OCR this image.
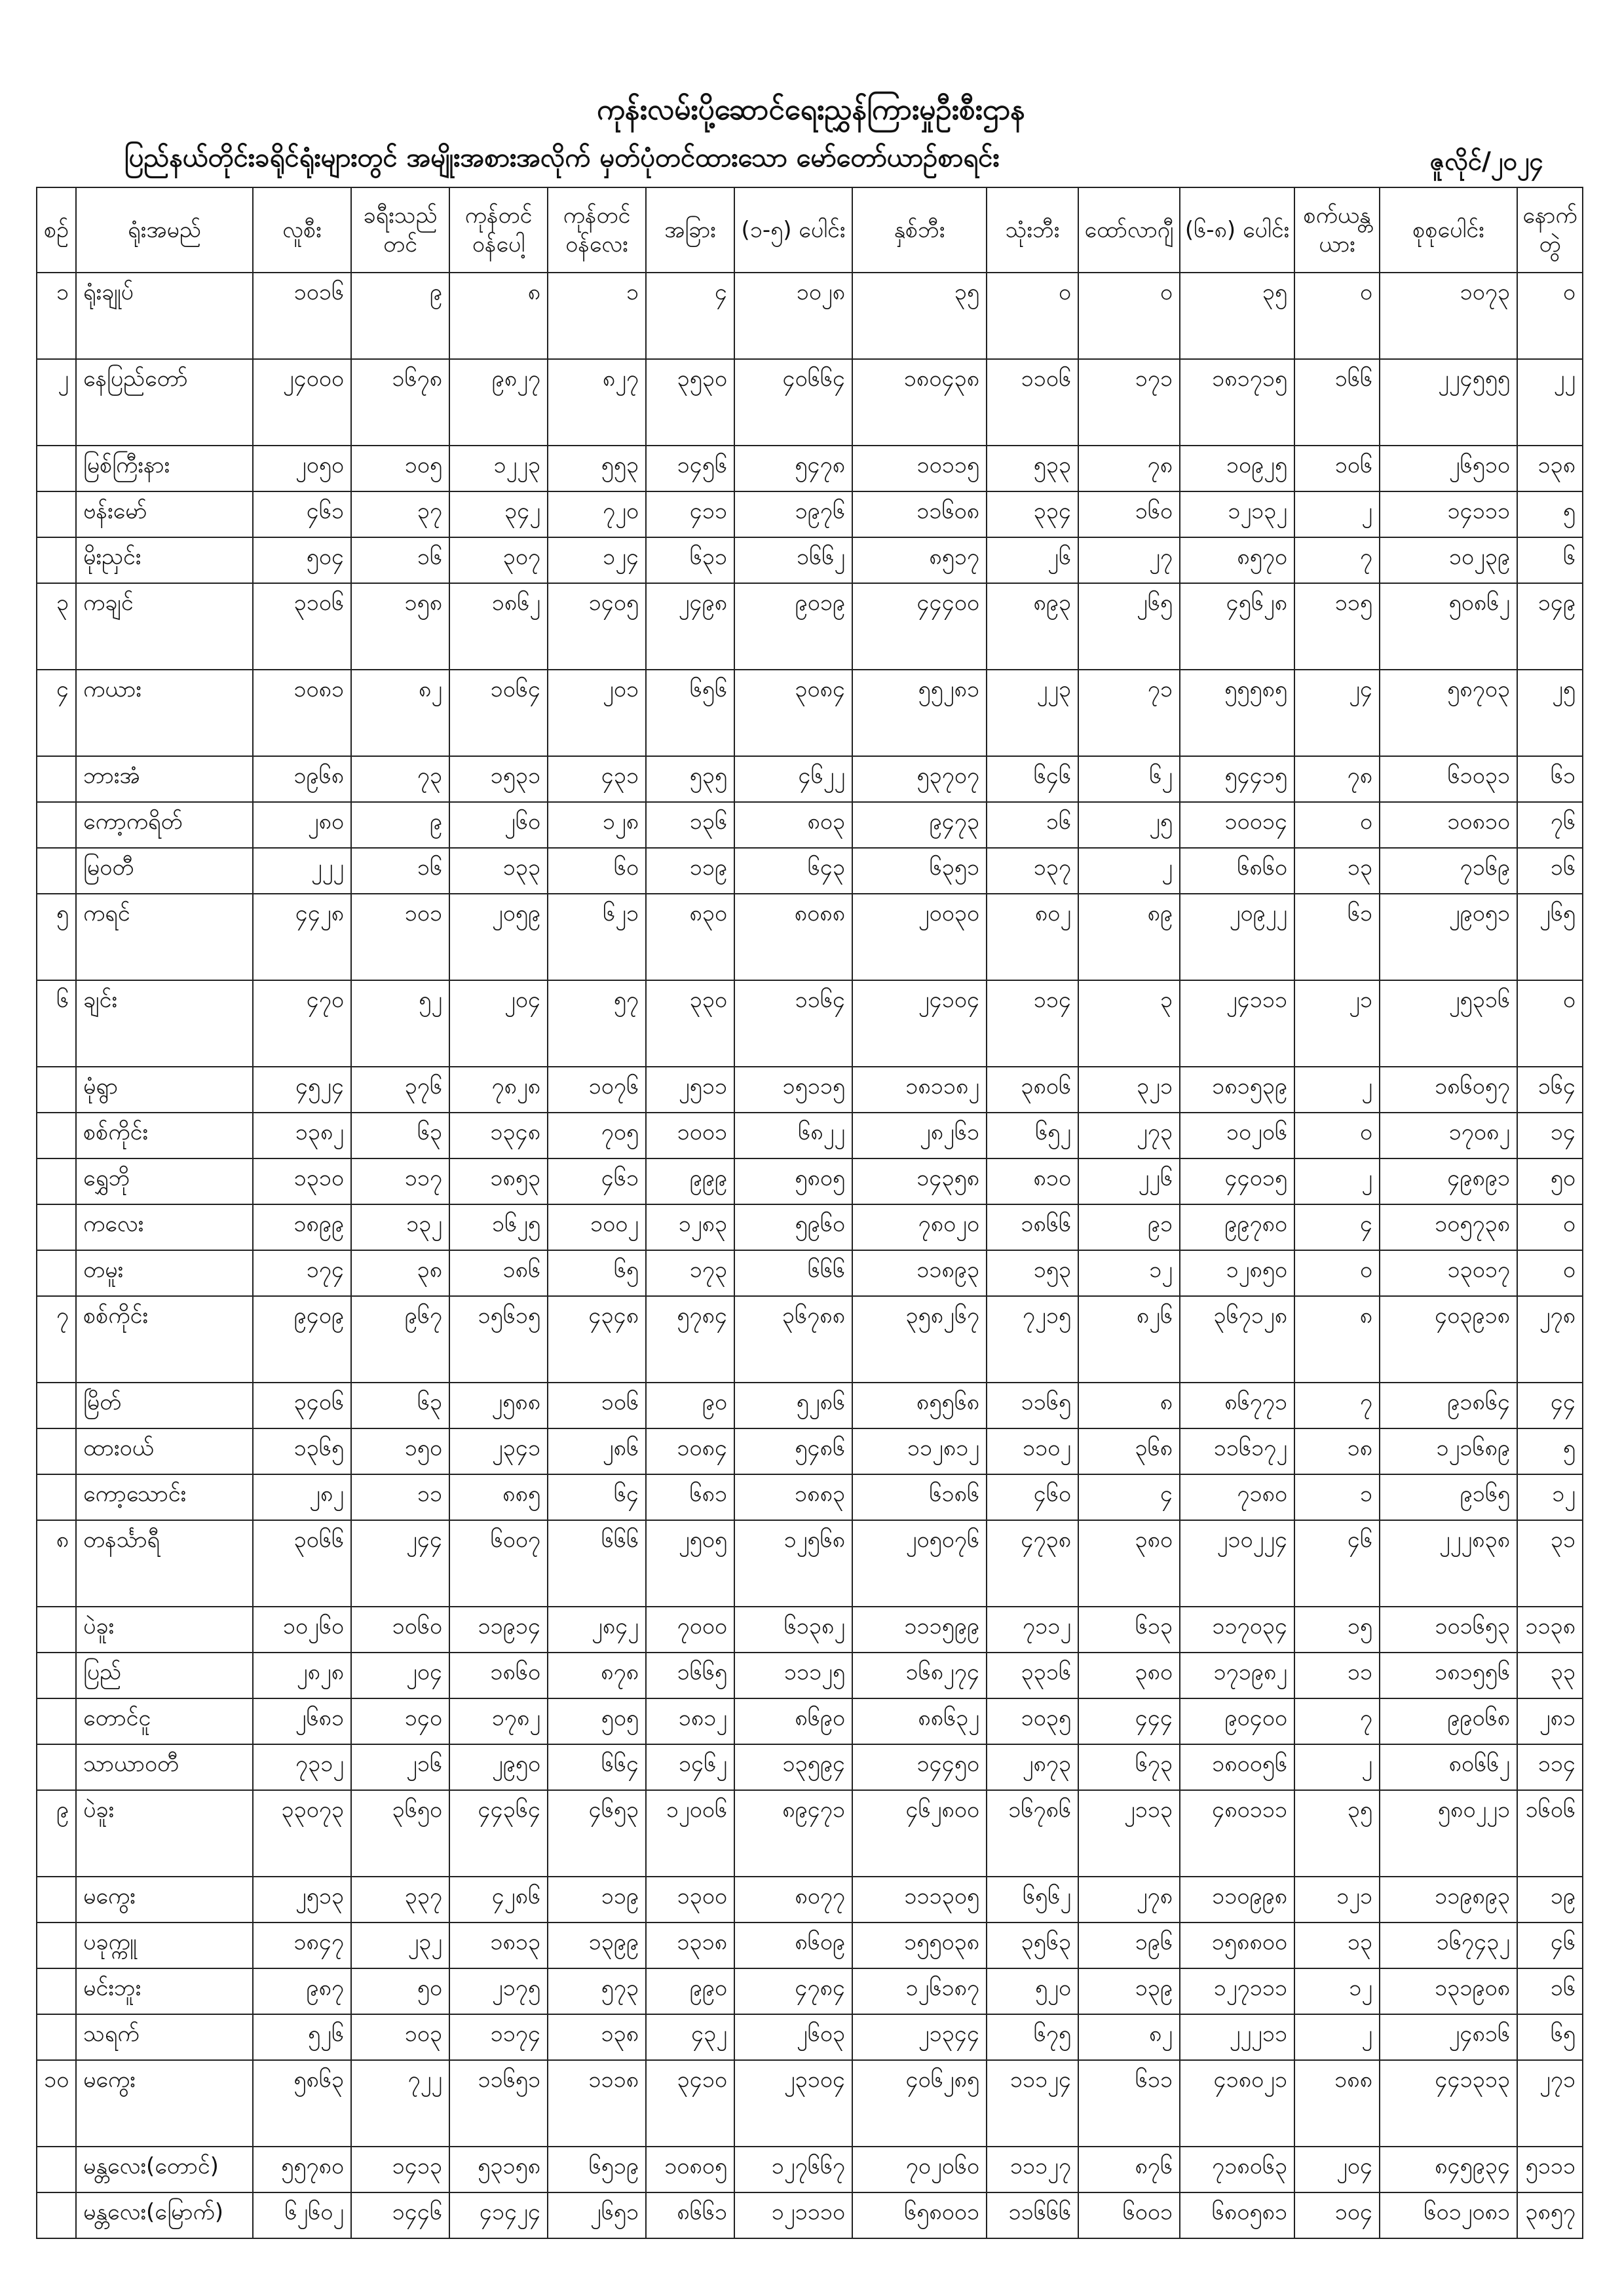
ကုန်းလမ်းပို့ဆောင်ရေးညွှန်ကြားမှုဦးစီးဌာန
ပြည်နယ်တိုင်းခရိုင်ရုံးများတွင် အမျိုးအစားအလိုက် မှတ်ပုံတင်ထားသော မော်တော်ယာဉ်စာရင်း	ဇူလိုင်/၂၀၂၄
စဉ်	ရုံးအမည်	လူစီး	ခရီးသည်တင်	ကုန်တင်ဝန်ပေါ့	ကုန်တင်ဝန်လေး	အခြား	(၁-၅) ပေါင်း	နှစ်ဘီး	သုံးဘီး	ထော်လာဂျီ	(၆-၈) ပေါင်း	စက်ယန္တယား	စုစုပေါင်း	နောက်တွဲ
၁	ရုံးချုပ်	၁၀၁၆	၉	၈	၁	၄	၁၀၂၈	၃၅	၀	၀	၃၅	၀	၁၀၇၃	၀
၂	နေပြည်တော်	၂၄၀၀၀	၁၆၇၈	၉၈၂၇	၈၂၇	၃၅၃၀	၄၀၆၆၄	၁၈၀၄၃၈	၁၁၀၆	၁၇၁	၁၈၁၇၁၅	၁၆၆	၂၂၄၅၅၅	၂၂
	မြစ်ကြီးနား	၂၀၅၀	၁၀၅	၁၂၂၃	၅၅၃	၁၄၅၆	၅၄၇၈	၁၀၁၁၅	၅၃၃	၇၈	၁၀၉၂၅	၁၀၆	၂၆၅၁၀	၁၃၈
	ဗန်းမော်	၄၆၁	၃၇	၃၄၂	၇၂၀	၄၁၁	၁၉၇၆	၁၁၆၀၈	၃၃၄	၁၆၀	၁၂၁၃၂	၂	၁၄၁၁၁	၅
	မိုးညှင်း	၅၀၄	၁၆	၃၀၇	၁၂၄	၆၃၁	၁၆၆၂	၈၅၁၇	၂၆	၂၇	၈၅၇၀	၇	၁၀၂၃၉	၆
၃	ကချင်	၃၁၀၆	၁၅၈	၁၈၆၂	၁၄၀၅	၂၄၉၈	၉၀၁၉	၄၄၄၀၀	၈၉၃	၂၆၅	၄၅၆၂၈	၁၁၅	၅၀၈၆၂	၁၄၉
၄	ကယား	၁၀၈၁	၈၂	၁၀၆၄	၂၀၁	၆၅၆	၃၀၈၄	၅၅၂၈၁	၂၂၃	၇၁	၅၅၅၈၅	၂၄	၅၈၇၀၃	၂၅
	ဘားအံ	၁၉၆၈	၇၃	၁၅၃၁	၄၃၁	၅၃၅	၄၆၂၂	၅၃၇၀၇	၆၄၆	၆၂	၅၄၄၁၅	၇၈	၆၁၀၃၁	၆၁
	ကော့ကရိတ်	၂၈၀	၉	၂၆၀	၁၂၈	၁၃၆	၈၀၃	၉၄၇၃	၁၆	၂၅	၁၀၀၁၄	၀	၁၀၈၁၀	၇၆
	မြဝတီ	၂၂၂	၁၆	၁၃၃	၆၀	၁၁၉	၆၄၃	၆၃၅၁	၁၃၇	၂	၆၈၆၀	၁၃	၇၁၆၉	၁၆
၅	ကရင်	၄၄၂၈	၁၀၁	၂၀၅၉	၆၂၁	၈၃၀	၈၀၈၈	၂၀၀၃၀	၈၀၂	၈၉	၂၀၉၂၂	၆၁	၂၉၀၅၁	၂၆၅
၆	ချင်း	၄၇၀	၅၂	၂၀၄	၅၇	၃၃၀	၁၁၆၄	၂၄၁၀၄	၁၁၄	၃	၂၄၁၁၁	၂၁	၂၅၃၁၆	၀
	မုံရွာ	၄၅၂၄	၃၇၆	၇၈၂၈	၁၀၇၆	၂၅၁၁	၁၅၁၁၅	၁၈၁၁၈၂	၃၈၀၆	၃၂၁	၁၈၁၅၃၉	၂	၁၈၆၀၅၇	၁၆၄
	စစ်ကိုင်း	၁၃၈၂	၆၃	၁၃၄၈	၇၀၅	၁၀၀၁	၆၈၂၂	၂၈၂၆၁	၆၅၂	၂၇၃	၁၀၂၀၆	၀	၁၇၀၈၂	၁၄
	ရွှေဘို	၁၃၁၀	၁၁၇	၁၈၅၃	၄၆၁	၉၉၉	၅၈၀၅	၁၄၃၅၈	၈၁၀	၂၂၆	၄၄၀၁၅	၂	၄၉၈၉၁	၅၀
	ကလေး	၁၈၉၉	၁၃၂	၁၆၂၅	၁၀၀၂	၁၂၈၃	၅၉၆၀	၇၈၀၂၀	၁၈၆၆	၉၁	၉၉၇၈၀	၄	၁၀၅၇၃၈	၀
	တမူး	၁၇၄	၃၈	၁၈၆	၆၅	၁၇၃	၆၆၆	၁၁၈၉၃	၁၅၃	၁၂	၁၂၈၅၀	၀	၁၃၀၁၇	၀
၇	စစ်ကိုင်း	၉၄၀၉	၉၆၇	၁၅၆၁၅	၄၃၄၈	၅၇၈၄	၃၆၇၈၈	၃၅၈၂၆၇	၇၂၁၅	၈၂၆	၃၆၇၁၂၈	၈	၄၀၃၉၁၈	၂၇၈
	မြိတ်	၃၄၀၆	၆၃	၂၅၈၈	၁၀၆	၉၀	၅၂၈၆	၈၅၅၆၈	၁၁၆၅	၈	၈၆၇၇၁	၇	၉၁၈၆၄	၄၄
	ထားဝယ်	၁၃၆၅	၁၅၀	၂၃၄၁	၂၈၆	၁၀၈၄	၅၄၈၆	၁၁၂၈၁၂	၁၁၀၂	၃၆၈	၁၁၆၁၇၂	၁၈	၁၂၁၆၈၉	၅
	ကော့သောင်း	၂၈၂	၁၁	၈၈၅	၆၄	၆၈၁	၁၈၈၃	၆၁၈၆	၄၆၀	၄	၇၁၈၀	၁	၉၁၆၅	၁၂
၈	တနင်္သာရီ	၃၀၆၆	၂၄၄	၆၀၀၇	၆၆၆	၂၅၀၅	၁၂၅၆၈	၂၀၅၀၇၆	၄၇၃၈	၃၈၀	၂၁၀၂၂၄	၄၆	၂၂၂၈၃၈	၃၁
	ပဲခူး	၁၀၂၆၀	၁၀၆၀	၁၁၉၁၄	၂၈၄၂	၇၀၀၀	၆၁၃၈၂	၁၁၁၅၉၉	၇၁၁၂	၆၁၃	၁၁၇၀၃၄	၁၅	၁၀၁၆၅၃	၁၁၃၈
	ပြည်	၂၈၂၈	၂၀၄	၁၈၆၀	၈၇၈	၁၆၆၅	၁၁၁၂၅	၁၆၈၂၇၄	၃၃၁၆	၃၈၀	၁၇၁၉၈၂	၁၁	၁၈၁၅၅၆	၃၃
	တောင်ငူ	၂၆၈၁	၁၄၀	၁၇၈၂	၅၀၅	၁၈၁၂	၈၆၉၀	၈၈၆၃၂	၁၀၃၅	၄၄၄	၉၀၄၀၀	၇	၉၉၀၆၈	၂၈၁
	သာယာဝတီ	၇၃၁၂	၂၁၆	၂၉၅၀	၆၆၄	၁၄၆၂	၁၃၅၉၄	၁၄၄၅၀	၂၈၇၃	၆၇၃	၁၈၀၀၅၆	၂	၈၀၆၆၂	၁၁၄
၉	ပဲခူး	၃၃၀၇၃	၃၆၅၀	၄၄၃၆၄	၄၆၅၃	၁၂၀၀၆	၈၉၄၇၁	၄၆၂၈၀၀	၁၆၇၈၆	၂၁၁၃	၄၈၀၁၁၁	၃၅	၅၈၀၂၂၁	၁၆၀၆
	မကွေး	၂၅၁၃	၃၃၇	၄၂၈၆	၁၁၉	၁၃၀၀	၈၀၇၇	၁၁၁၃၀၅	၆၅၆၂	၂၇၈	၁၁၀၉၉၈	၁၂၁	၁၁၉၈၉၃	၁၉
	ပခုက္ကူ	၁၈၄၇	၂၃၂	၁၈၁၃	၁၃၉၉	၁၃၁၈	၈၆၀၉	၁၅၅၀၃၈	၃၅၆၃	၁၉၆	၁၅၈၈၀၀	၁၃	၁၆၇၄၃၂	၄၆
	မင်းဘူး	၉၈၇	၅၀	၂၁၇၅	၅၇၃	၉၉၀	၄၇၈၄	၁၂၆၁၈၇	၅၂၀	၁၃၉	၁၂၇၁၁၁	၁၂	၁၃၁၉၀၈	၁၆
	သရက်	၅၂၆	၁၀၃	၁၁၇၄	၁၃၈	၄၃၂	၂၆၀၃	၂၁၃၄၄	၆၇၅	၈၂	၂၂၂၁၁	၂	၂၄၈၁၆	၆၅
၁၀	မကွေး	၅၈၆၃	၇၂၂	၁၁၆၅၁	၁၁၁၈	၃၄၁၀	၂၃၁၀၄	၄၀၆၂၈၅	၁၁၁၂၄	၆၁၁	၄၁၈၀၂၁	၁၈၈	၄၄၁၃၁၃	၂၇၁
	မန္တလေး(တောင်)	၅၅၇၈၀	၁၄၁၃	၅၃၁၅၈	၆၅၁၉	၁၀၈၀၅	၁၂၇၆၆၇	၇၀၂၀၆၀	၁၁၁၂၇	၈၇၆	၇၁၈၀၆၃	၂၀၄	၈၄၅၉၃၄	၅၁၁၁
	မန္တလေး(မြောက်)	၆၂၆၀၂	၁၄၄၆	၄၁၄၂၄	၂၆၅၁	၈၆၆၁	၁၂၁၁၁၀	၆၅၈၀၀၁	၁၁၆၆၆	၆၀၀၁	၆၈၀၅၈၁	၁၀၄	၆၀၁၂၀၈၁	၃၈၅၇
